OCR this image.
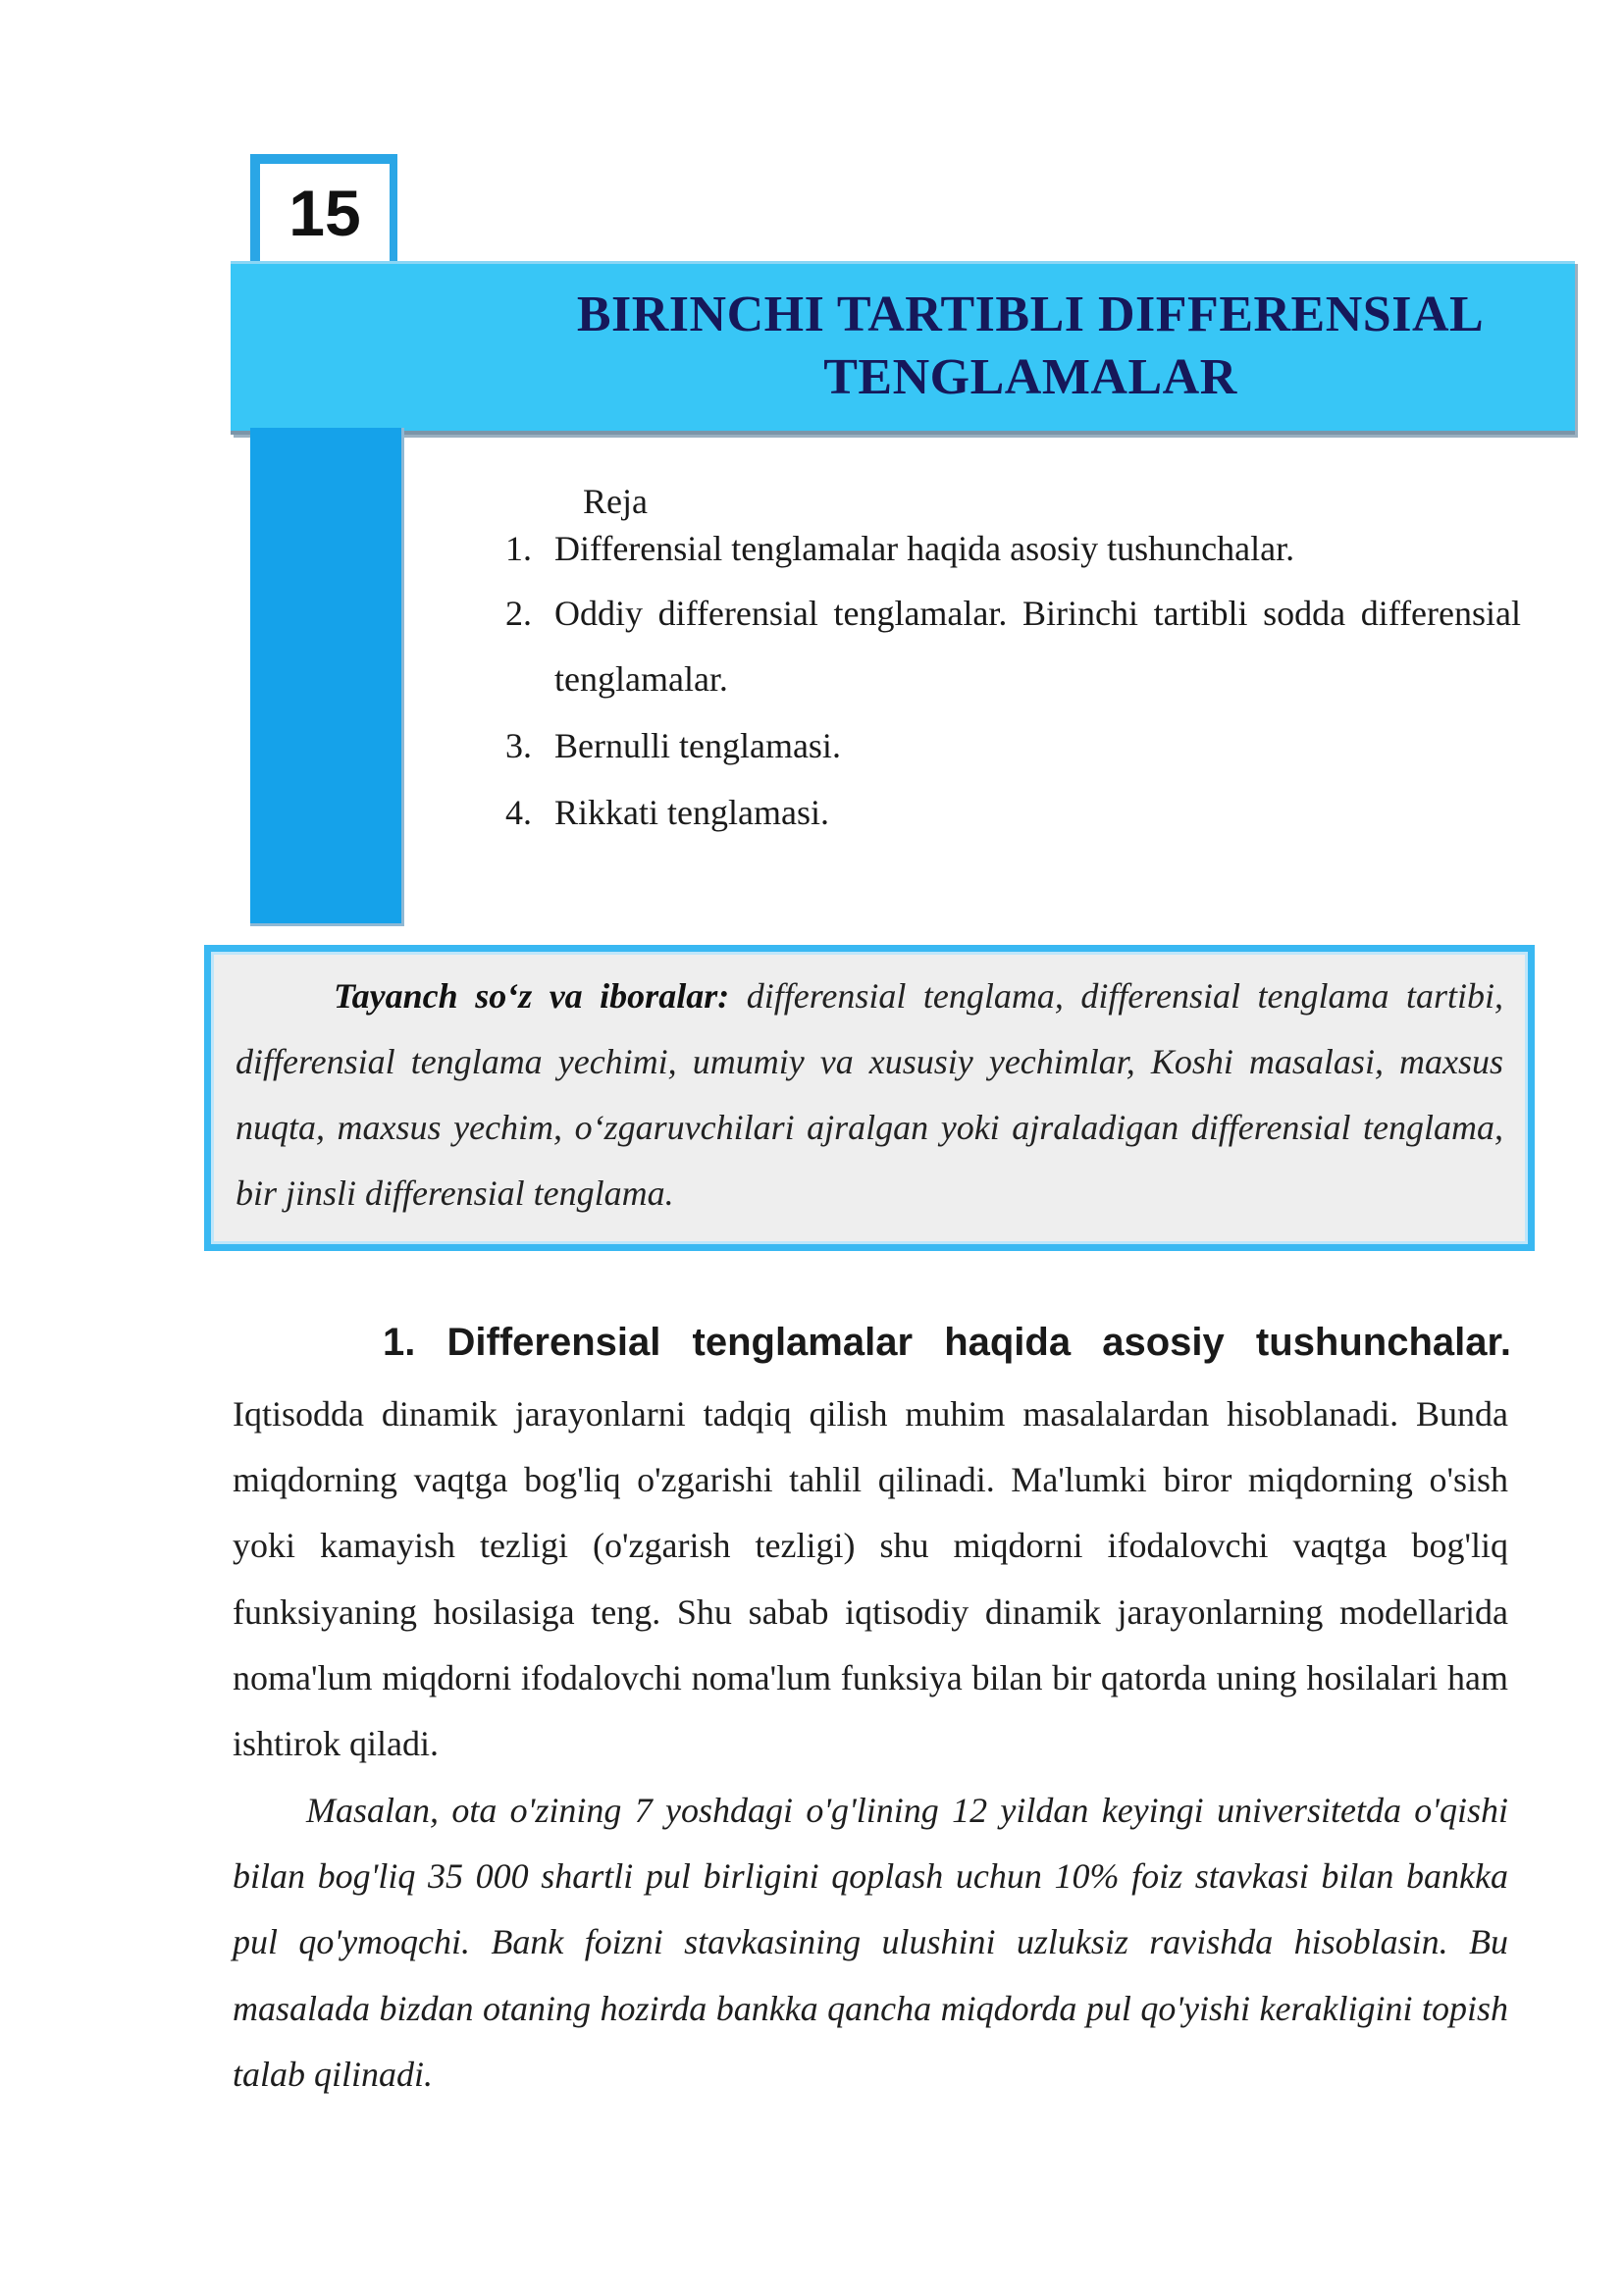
15
BIRINCHI TARTIBLI DIFFERENSIAL
TENGLAMALAR
Reja
1. Differensial tenglamalar haqida asosiy tushunchalar.
2. Oddiy differensial tenglamalar. Birinchi tartibli sodda differensial tenglamalar.
3. Bernulli tenglamasi.
4. Rikkati tenglamasi.
Tayanch so‘z va iboralar: differensial tenglama, differensial tenglama tartibi, differensial tenglama yechimi, umumiy va xususiy yechimlar, Koshi masalasi, maxsus nuqta, maxsus yechim, o‘zgaruvchilari ajralgan yoki ajraladigan differensial tenglama, bir jinsli differensial tenglama.
1. Differensial tenglamalar haqida asosiy tushunchalar.
Iqtisodda dinamik jarayonlarni tadqiq qilish muhim masalalardan hisoblanadi. Bunda miqdorning vaqtga bog'liq o'zgarishi tahlil qilinadi. Ma'lumki biror miqdorning o'sish yoki kamayish tezligi (o'zgarish tezligi) shu miqdorni ifodalovchi vaqtga bog'liq funksiyaning hosilasiga teng. Shu sabab iqtisodiy dinamik jarayonlarning modellarida noma'lum miqdorni ifodalovchi noma'lum funksiya bilan bir qatorda uning hosilalari ham ishtirok qiladi.
Masalan, ota o'zining 7 yoshdagi o'g'lining 12 yildan keyingi universitetda o'qishi bilan bog'liq 35 000 shartli pul birligini qoplash uchun 10% foiz stavkasi bilan bankka pul qo'ymoqchi. Bank foizni stavkasining ulushini uzluksiz ravishda hisoblasin. Bu masalada bizdan otaning hozirda bankka qancha miqdorda pul qo'yishi kerakligini topish talab qilinadi.
